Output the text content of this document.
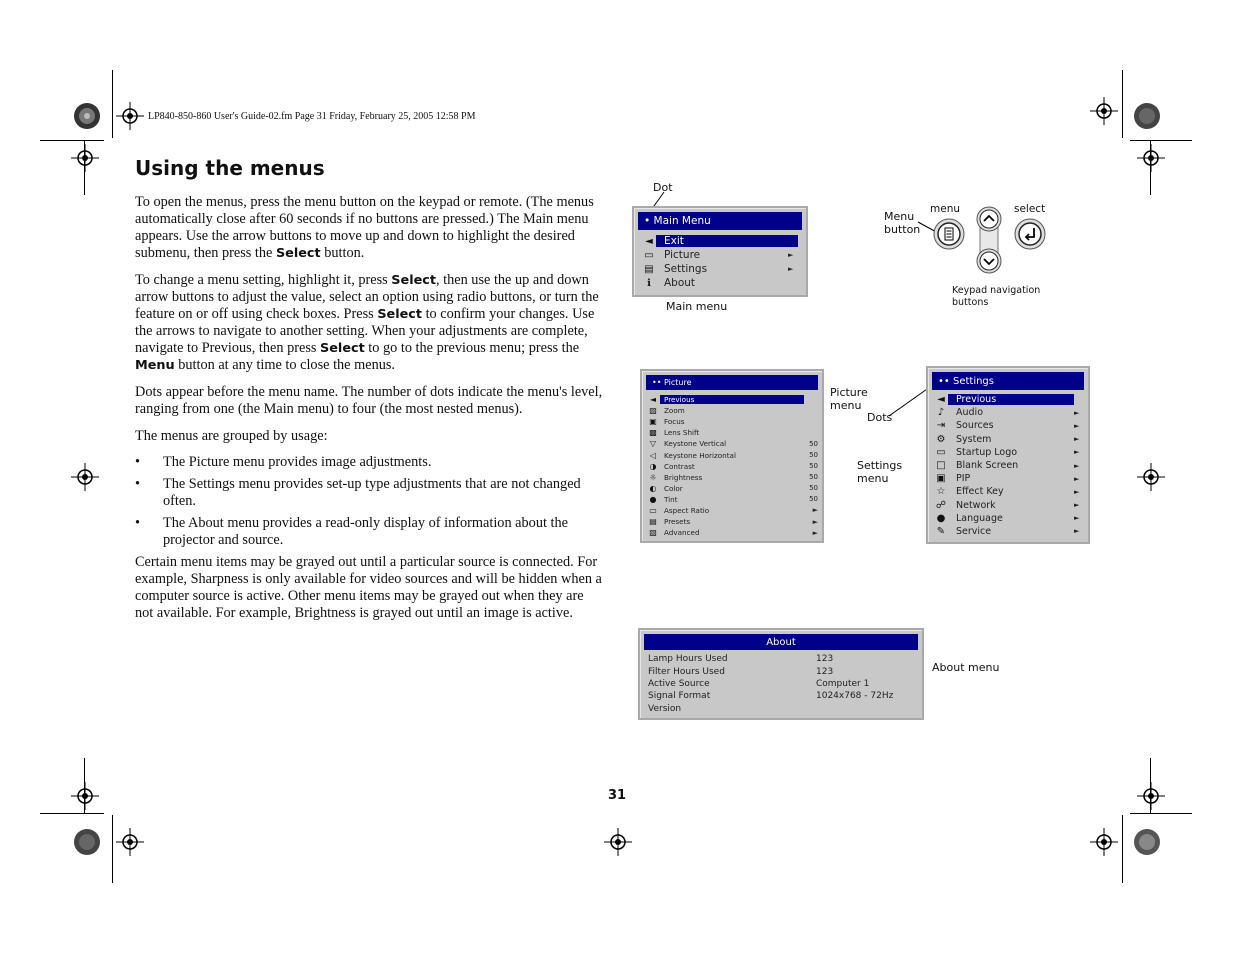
LP840-850-860 User's Guide-02.fm Page 31 Friday, February 25, 2005 12:58 PM
Using the menus

To open the menus, press the menu button on the keypad or remote. (The menus automatically close after 60 seconds if no buttons are pressed.) The Main menu appears. Use the arrow buttons to move up and down to highlight the desired submenu, then press the Select button.

To change a menu setting, highlight it, press Select, then use the up and down arrow buttons to adjust the value, select an option using radio buttons, or turn the feature on or off using check boxes. Press Select to confirm your changes. Use the arrows to navigate to another setting. When your adjustments are complete, navigate to Previous, then press Select to go to the previous menu; press the Menu button at any time to close the menus.

Dots appear before the menu name. The number of dots indicate the menu's level, ranging from one (the Main menu) to four (the most nested menus).

The menus are grouped by usage:

• The Picture menu provides image adjustments.
• The Settings menu provides set-up type adjustments that are not changed often.
• The About menu provides a read-only display of information about the projector and source.

Certain menu items may be grayed out until a particular source is connected. For example, Sharpness is only available for video sources and will be hidden when a computer source is active. Other menu items may be grayed out when they are not available. For example, Brightness is grayed out until an image is active.

Dot
• Main Menu
◄	Exit
▭ Picture	►
▤ Settings	►
ℹ	About
Main menu
Menu
button
menu	select
Keypad navigation
buttons
•• Picture
◄	Previous
▨	Zoom
▣	Focus
▩	Lens Shift
▽	Keystone Vertical	50
◁	Keystone Horizontal	50
◑	Contrast	50
☼	Brightness	50
◐	Color	50
●	Tint	50
▭	Aspect Ratio	►
▤	Presets	►
▧	Advanced	►
Picture
menu
Dots
Settings
menu
•• Settings
◄	Previous
♪	Audio	►
⇥	Sources	►
⚙	System	►
▭	Startup Logo	►
□	Blank Screen	►
▣	PIP	►
☆	Effect Key	►
☍	Network	►
●	Language	►
✎	Service	►
About
Lamp Hours Used	123
Filter Hours Used	123
Active Source	Computer 1
Signal Format	1024x768 - 72Hz
Version
About menu
31
